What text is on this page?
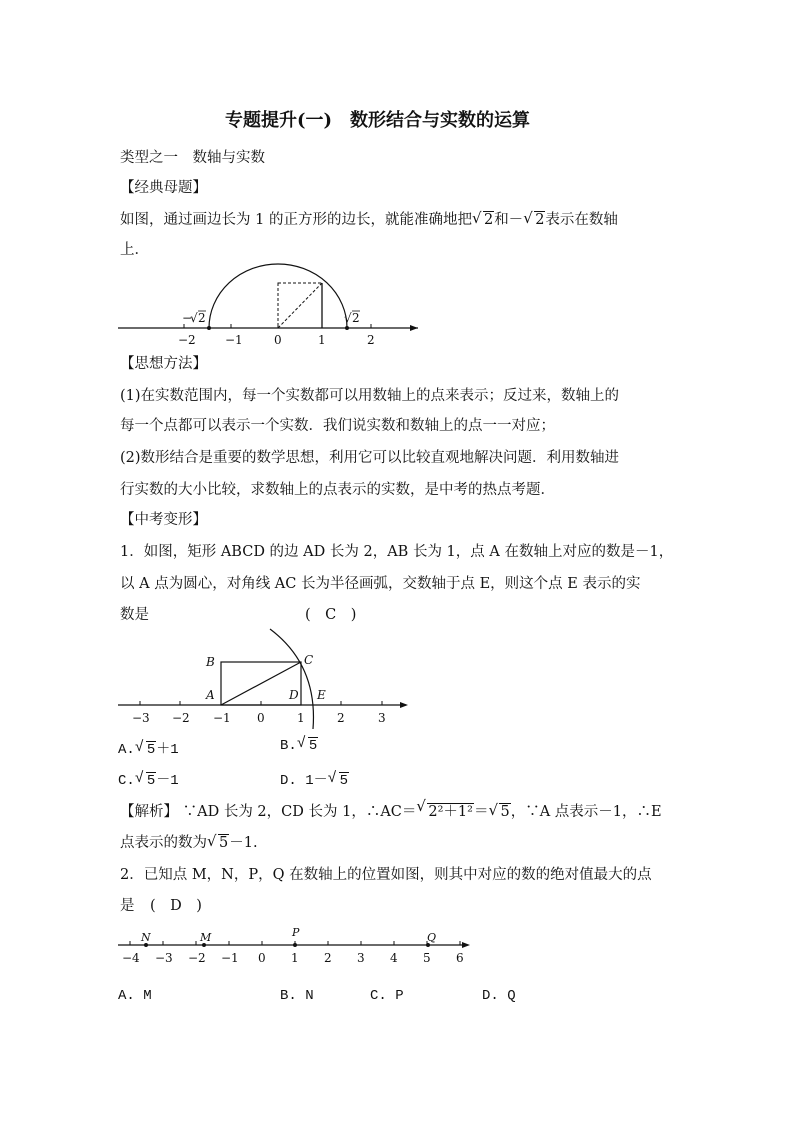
专题提升(一)　数形结合与实数的运算
类型之一　数轴与实数
【经典母题】
如图，通过画边长为 1 的正方形的边长，就能准确地把 √ 2和－ √ 2表示在数轴
上．
−2 −1	0	1	2
−
√ 2	√ 2
【思想方法】
(1)在实数范围内，每一个实数都可以用数轴上的点来表示；反过来，数轴上的
每一个点都可以表示一个实数．我们说实数和数轴上的点一一对应；
(2)数形结合是重要的数学思想，利用它可以比较直观地解决问题．利用数轴进
行实数的大小比较，求数轴上的点表示的实数，是中考的热点考题．
【中考变形】
1．如图，矩形 ABCD 的边 AD 长为 2，AB 长为 1，点 A 在数轴上对应的数是－1，
以 A 点为圆心，对角线 AC 长为半径画弧，交数轴于点 E，则这个点 E 表示的实
数是	(　C　)
−3 −2 −1 0	1	2	3
A
B	C
D E
A. √ 5＋1	B. √ 5
C. √ 5－1	D. 1－ √ 5
【解析】 ∵AD 长为 2，CD 长为 1，∴AC＝ √ 2²＋1²＝ √ 5，∵A 点表示－1，∴E
点表示的数为 √ 5－1.
2．已知点 M，N，P，Q 在数轴上的位置如图，则其中对应的数的绝对值最大的点
是 (　D　)
N	M	P	Q
−4 −3 −2 −1 0 1 2 3 4 5 6
A. M	B. N	C. P	D. Q
